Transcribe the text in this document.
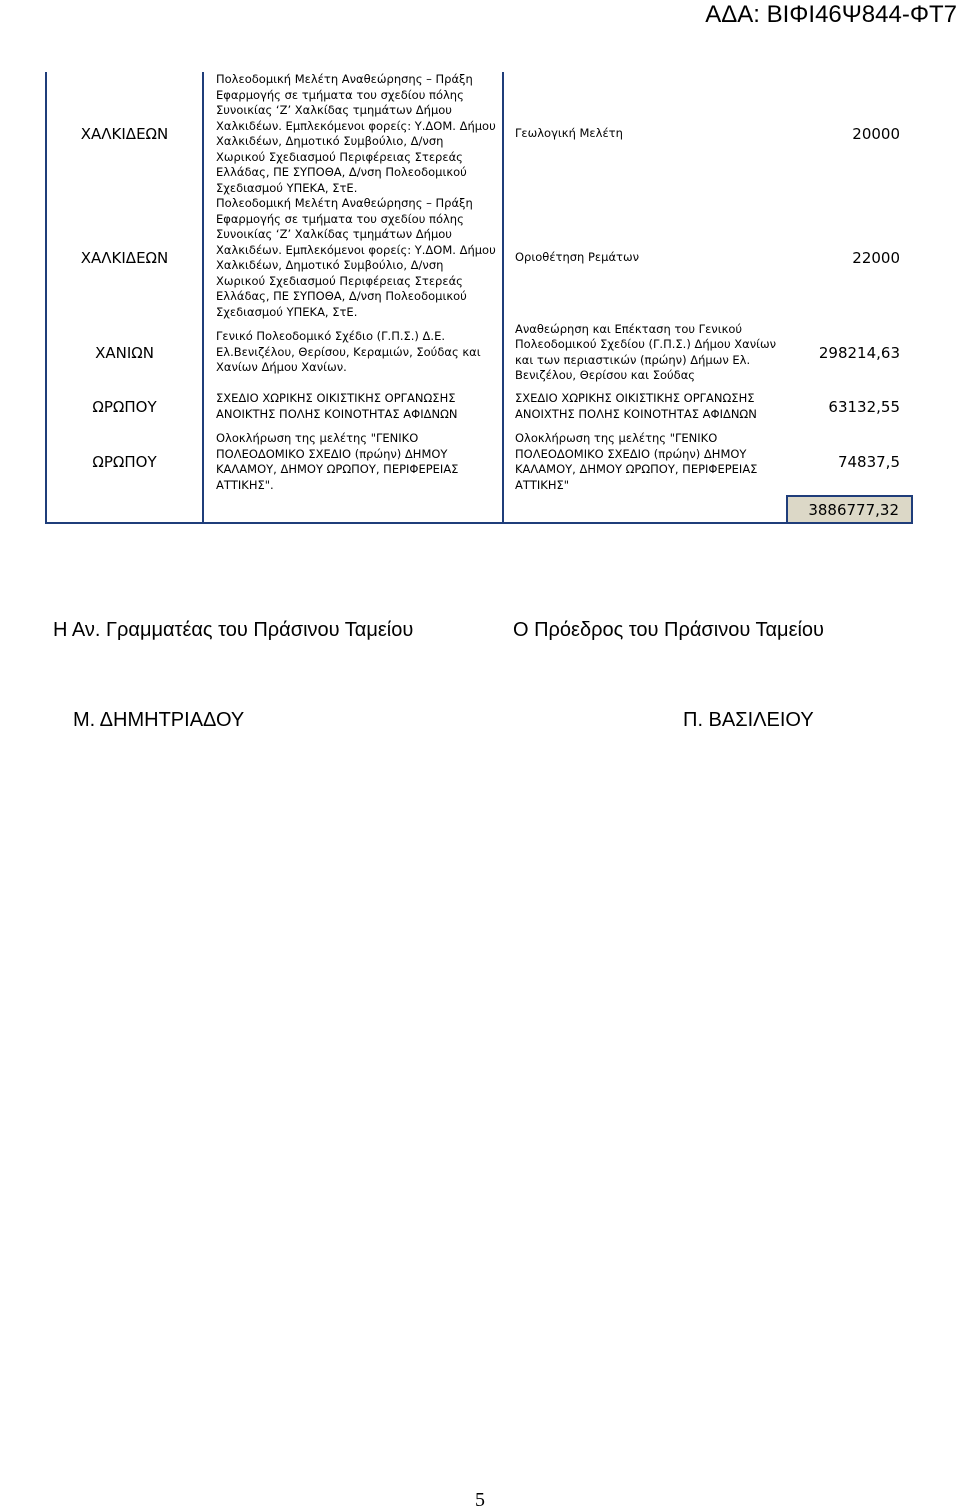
ΑΔΑ: ΒΙΦΙ46Ψ844-ΦΤ7
ΧΑΛΚΙΔΕΩΝ	Πολεοδομική Μελέτη Αναθεώρησης – Πράξη Εφαρμογής σε τμήματα του σχεδίου πόλης Συνοικίας ‘Ζ’ Χαλκίδας τμημάτων Δήμου Χαλκιδέων. Εμπλεκόμενοι φορείς: Υ.ΔΟΜ. Δήμου Χαλκιδέων, Δημοτικό Συμβούλιο, Δ/νση Χωρικού Σχεδιασμού Περιφέρειας Στερεάς Ελλάδας, ΠΕ ΣΥΠΟΘΑ, Δ/νση Πολεοδομικού Σχεδιασμού ΥΠΕΚΑ, ΣτΕ.	Γεωλογική Μελέτη	20000
ΧΑΛΚΙΔΕΩΝ	Πολεοδομική Μελέτη Αναθεώρησης – Πράξη Εφαρμογής σε τμήματα του σχεδίου πόλης Συνοικίας ‘Ζ’ Χαλκίδας τμημάτων Δήμου Χαλκιδέων. Εμπλεκόμενοι φορείς: Υ.ΔΟΜ. Δήμου Χαλκιδέων, Δημοτικό Συμβούλιο, Δ/νση Χωρικού Σχεδιασμού Περιφέρειας Στερεάς Ελλάδας, ΠΕ ΣΥΠΟΘΑ, Δ/νση Πολεοδομικού Σχεδιασμού ΥΠΕΚΑ, ΣτΕ.	Οριοθέτηση Ρεμάτων	22000
ΧΑΝΙΩΝ	Γενικό Πολεοδομικό Σχέδιο (Γ.Π.Σ.) Δ.Ε. Ελ.Βενιζέλου, Θερίσου, Κεραμιών, Σούδας και Χανίων Δήμου Χανίων.	Αναθεώρηση και Επέκταση του Γενικού Πολεοδομικού Σχεδίου (Γ.Π.Σ.) Δήμου Χανίων και των περιαστικών (πρώην) Δήμων Ελ. Βενιζέλου, Θερίσου και Σούδας	298214,63
ΩΡΩΠΟΥ	ΣΧΕΔΙΟ ΧΩΡΙΚΗΣ ΟΙΚΙΣΤΙΚΗΣ ΟΡΓΑΝΩΣΗΣ ΑΝΟΙΚΤΗΣ ΠΟΛΗΣ ΚΟΙΝΟΤΗΤΑΣ ΑΦΙΔΝΩΝ	ΣΧΕΔΙΟ ΧΩΡΙΚΗΣ ΟΙΚΙΣΤΙΚΗΣ ΟΡΓΑΝΩΣΗΣ ΑΝΟΙΧΤΗΣ ΠΟΛΗΣ ΚΟΙΝΟΤΗΤΑΣ ΑΦΙΔΝΩΝ	63132,55
ΩΡΩΠΟΥ	Ολοκλήρωση της μελέτης "ΓΕΝΙΚΟ ΠΟΛΕΟΔΟΜΙΚΟ ΣΧΕΔΙΟ (πρώην) ΔΗΜΟΥ ΚΑΛΑΜΟΥ, ΔΗΜΟΥ ΩΡΩΠΟΥ, ΠΕΡΙΦΕΡΕΙΑΣ ΑΤΤΙΚΗΣ".	Ολοκλήρωση της μελέτης "ΓΕΝΙΚΟ ΠΟΛΕΟΔΟΜΙΚΟ ΣΧΕΔΙΟ (πρώην) ΔΗΜΟΥ ΚΑΛΑΜΟΥ, ΔΗΜΟΥ ΩΡΩΠΟΥ, ΠΕΡΙΦΕΡΕΙΑΣ ΑΤΤΙΚΗΣ"	74837,5
			3886777,32
Η Αν. Γραμματέας του Πράσινου Ταμείου	Ο Πρόεδρος του Πράσινου Ταμείου
Μ. ΔΗΜΗΤΡΙΑΔΟΥ	Π. ΒΑΣΙΛΕΙΟΥ
5
